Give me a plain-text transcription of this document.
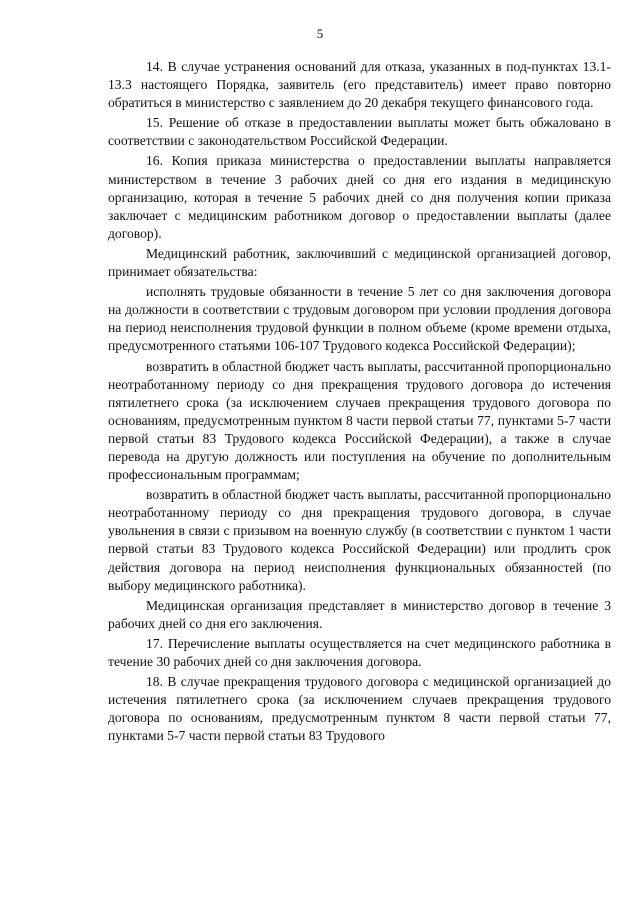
5

14. В случае устранения оснований для отказа, указанных в под-пунктах 13.1-13.3 настоящего Порядка, заявитель (его представитель) имеет право повторно обратиться в министерство с заявлением до 20 декабря текущего финансового года.

15. Решение об отказе в предоставлении выплаты может быть обжаловано в соответствии с законодательством Российской Федерации.

16. Копия приказа министерства о предоставлении выплаты направляется министерством в течение 3 рабочих дней со дня его издания в медицинскую организацию, которая в течение 5 рабочих дней со дня получения копии приказа заключает с медицинским работником договор о предоставлении выплаты (далее договор).

Медицинский работник, заключивший с медицинской организацией договор, принимает обязательства:

исполнять трудовые обязанности в течение 5 лет со дня заключения договора на должности в соответствии с трудовым договором при условии продления договора на период неисполнения трудовой функции в полном объеме (кроме времени отдыха, предусмотренного статьями 106-107 Трудового кодекса Российской Федерации);

возвратить в областной бюджет часть выплаты, рассчитанной пропорционально неотработанному периоду со дня прекращения трудового договора до истечения пятилетнего срока (за исключением случаев прекращения трудового договора по основаниям, предусмотренным пунктом 8 части первой статьи 77, пунктами 5-7 части первой статьи 83 Трудового кодекса Российской Федерации), а также в случае перевода на другую должность или поступления на обучение по дополнительным профессиональным программам;

возвратить в областной бюджет часть выплаты, рассчитанной пропорционально неотработанному периоду со дня прекращения трудового договора, в случае увольнения в связи с призывом на военную службу (в соответствии с пунктом 1 части первой статьи 83 Трудового кодекса Российской Федерации) или продлить срок действия договора на период неисполнения функциональных обязанностей (по выбору медицинского работника).

Медицинская организация представляет в министерство договор в течение 3 рабочих дней со дня его заключения.

17. Перечисление выплаты осуществляется на счет медицинского работника в течение 30 рабочих дней со дня заключения договора.

18. В случае прекращения трудового договора с медицинской организацией до истечения пятилетнего срока (за исключением случаев прекращения трудового договора по основаниям, предусмотренным пунктом 8 части первой статьи 77, пунктами 5-7 части первой статьи 83 Трудового
